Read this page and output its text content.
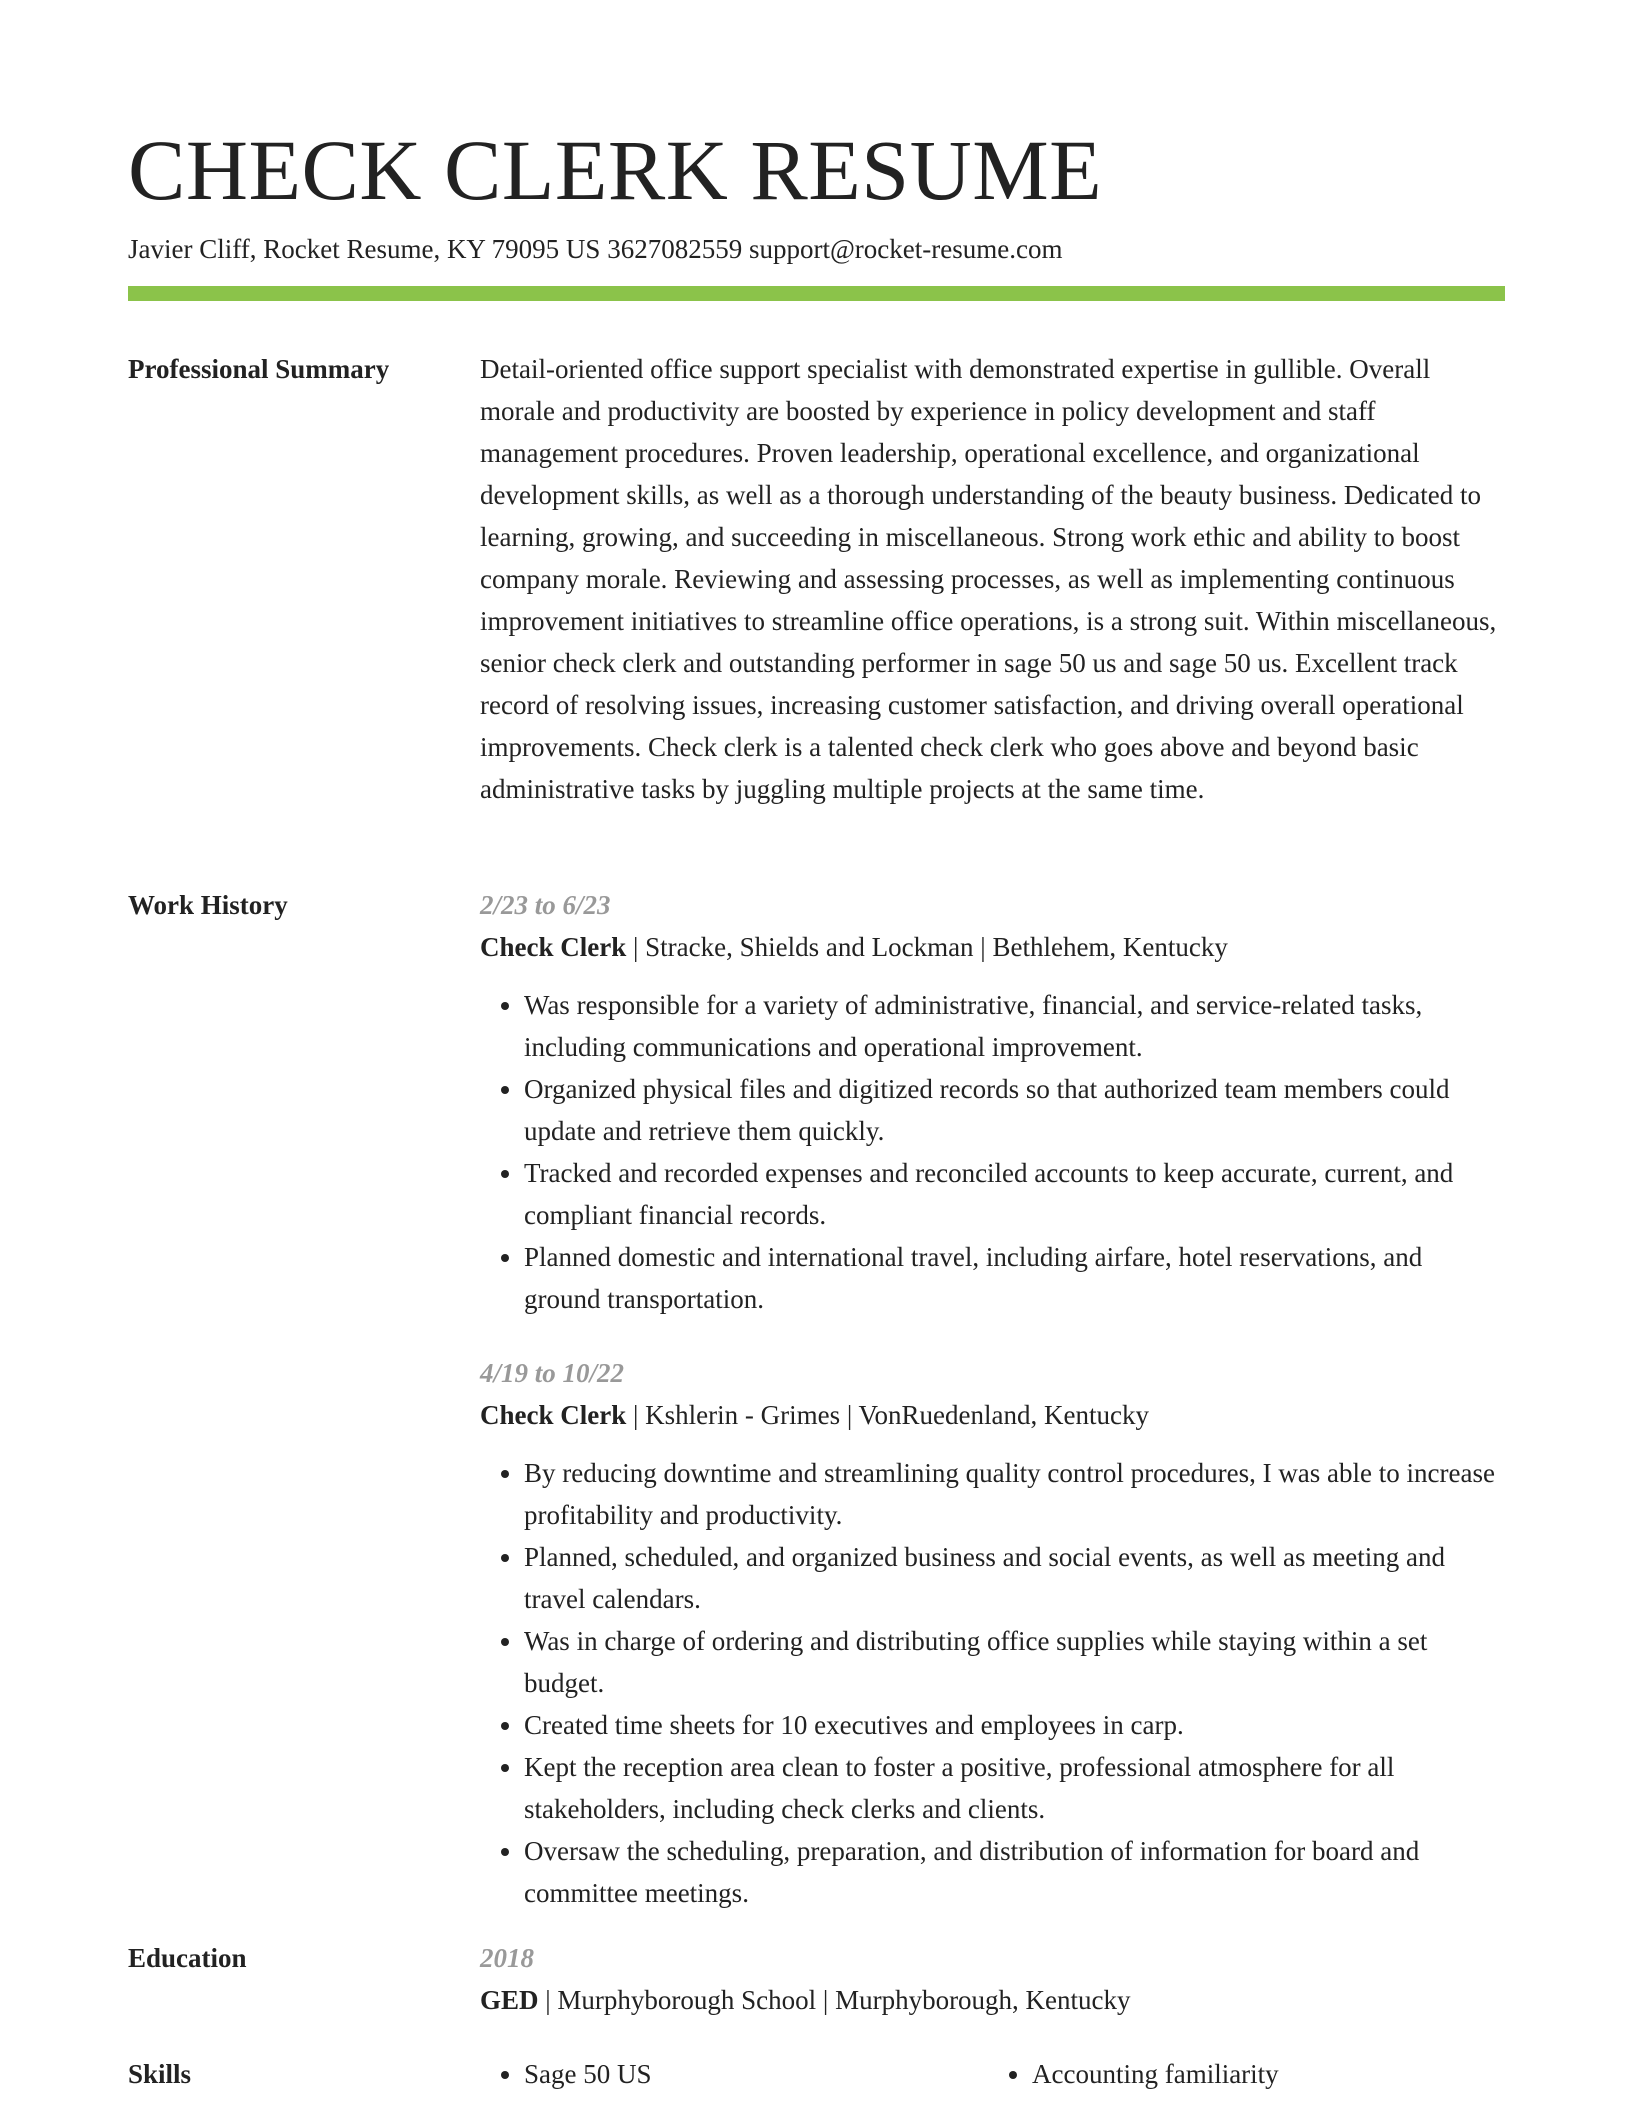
CHECK CLERK RESUME
Javier Cliff, Rocket Resume, KY 79095 US 3627082559 support@rocket-resume.com
Professional Summary	Detail-oriented office support specialist with demonstrated expertise in gullible. Overall morale and productivity are boosted by experience in policy development and staff management procedures. Proven leadership, operational excellence, and organizational development skills, as well as a thorough understanding of the beauty business. Dedicated to learning, growing, and succeeding in miscellaneous. Strong work ethic and ability to boost company morale. Reviewing and assessing processes, as well as implementing continuous improvement initiatives to streamline office operations, is a strong suit. Within miscellaneous, senior check clerk and outstanding performer in sage 50 us and sage 50 us. Excellent track record of resolving issues, increasing customer satisfaction, and driving overall operational improvements. Check clerk is a talented check clerk who goes above and beyond basic administrative tasks by juggling multiple projects at the same time.

Work History	2/23 to 6/23
Check Clerk | Stracke, Shields and Lockman | Bethlehem, Kentucky
• Was responsible for a variety of administrative, financial, and service-related tasks, including communications and operational improvement.
• Organized physical files and digitized records so that authorized team members could update and retrieve them quickly.
• Tracked and recorded expenses and reconciled accounts to keep accurate, current, and compliant financial records.
• Planned domestic and international travel, including airfare, hotel reservations, and ground transportation.
4/19 to 10/22
Check Clerk | Kshlerin - Grimes | VonRuedenland, Kentucky
• By reducing downtime and streamlining quality control procedures, I was able to increase profitability and productivity.
• Planned, scheduled, and organized business and social events, as well as meeting and travel calendars.
• Was in charge of ordering and distributing office supplies while staying within a set budget.
• Created time sheets for 10 executives and employees in carp.
• Kept the reception area clean to foster a positive, professional atmosphere for all stakeholders, including check clerks and clients.
• Oversaw the scheduling, preparation, and distribution of information for board and committee meetings.
Education	2018
GED | Murphyborough School | Murphyborough, Kentucky
Skills	• Sage 50 US	• Accounting familiarity
